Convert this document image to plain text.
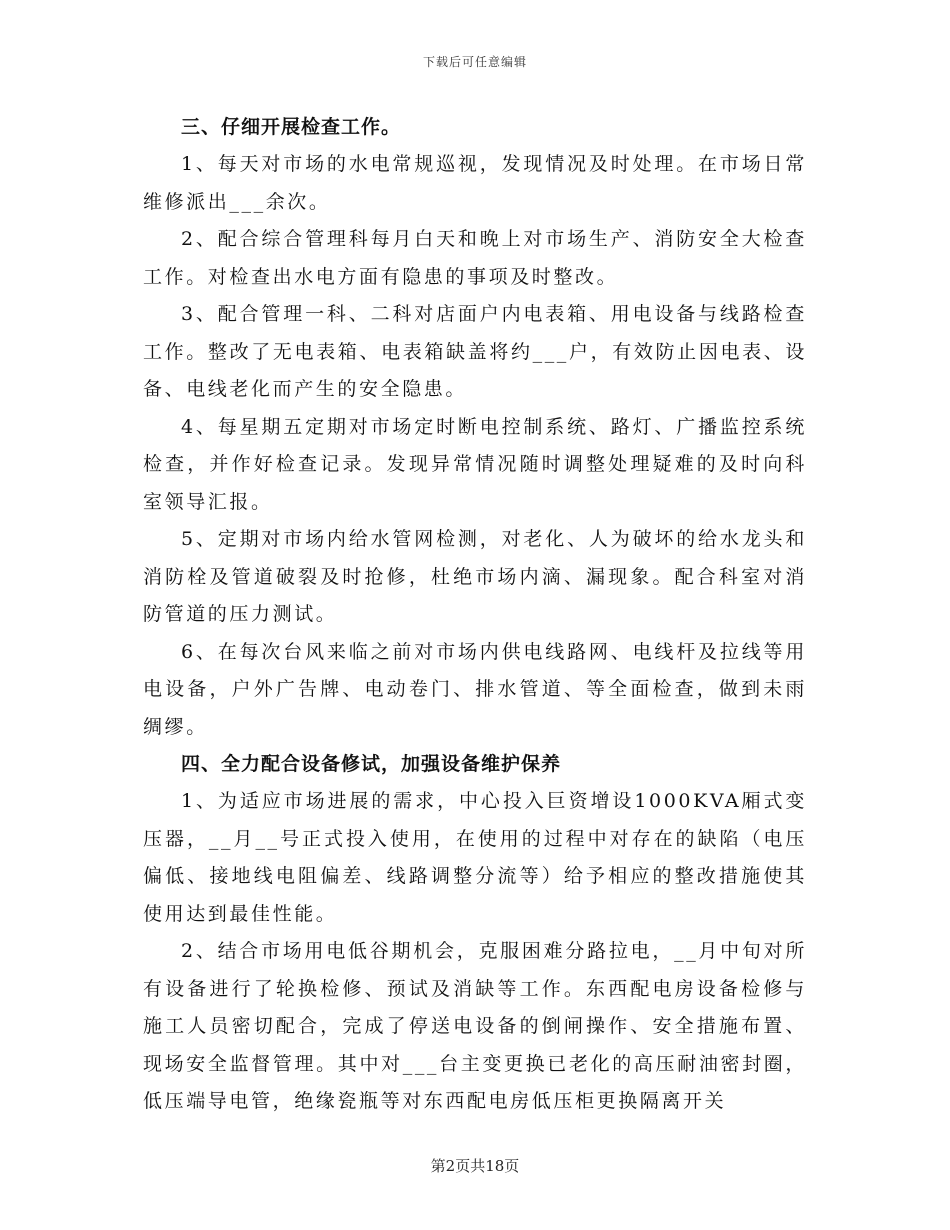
下载后可任意编辑

三、仔细开展检查工作。

1、每天对市场的水电常规巡视，发现情况及时处理。在市场日常维修派出___余次。

2、配合综合管理科每月白天和晚上对市场生产、消防安全大检查工作。对检查出水电方面有隐患的事项及时整改。

3、配合管理一科、二科对店面户内电表箱、用电设备与线路检查工作。整改了无电表箱、电表箱缺盖将约___户，有效防止因电表、设备、电线老化而产生的安全隐患。

4、每星期五定期对市场定时断电控制系统、路灯、广播监控系统检查，并作好检查记录。发现异常情况随时调整处理疑难的及时向科室领导汇报。

5、定期对市场内给水管网检测，对老化、人为破坏的给水龙头和消防栓及管道破裂及时抢修，杜绝市场内滴、漏现象。配合科室对消防管道的压力测试。

6、在每次台风来临之前对市场内供电线路网、电线杆及拉线等用电设备，户外广告牌、电动卷门、排水管道、等全面检查，做到未雨绸缪。

四、全力配合设备修试，加强设备维护保养

1、为适应市场进展的需求，中心投入巨资增设1000KVA厢式变压器，__月__号正式投入使用，在使用的过程中对存在的缺陷（电压偏低、接地线电阻偏差、线路调整分流等）给予相应的整改措施使其使用达到最佳性能。

2、结合市场用电低谷期机会，克服困难分路拉电，__月中旬对所有设备进行了轮换检修、预试及消缺等工作。东西配电房设备检修与施工人员密切配合，完成了停送电设备的倒闸操作、安全措施布置、现场安全监督管理。其中对___台主变更换已老化的高压耐油密封圈，低压端导电管，绝缘瓷瓶等对东西配电房低压柜更换隔离开关

第2页共18页
